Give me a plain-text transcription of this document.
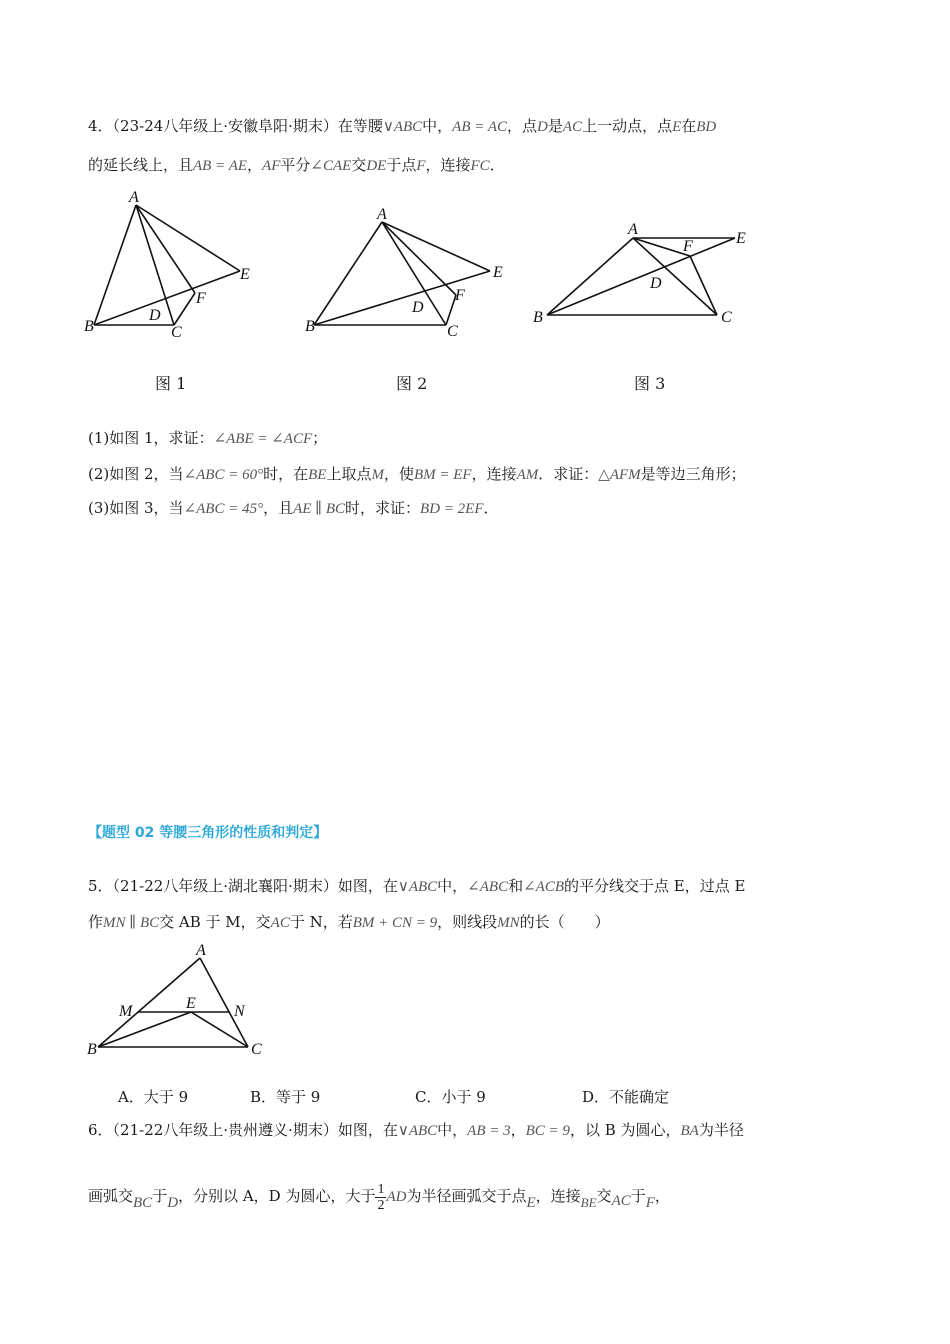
4．（23-24八年级上·安徽阜阳·期末）在等腰∨ABC中，AB = AC，点D是AC上一动点，点E在BD
的延长线上，且AB = AE，AF平分∠CAE交DE于点F，连接FC．
A
B	C
D
E
F
A
B	C
D
E
F
A
B	C
D
E
F
图 1	图 2	图 3
(1)如图 1，求证：∠ABE = ∠ACF；
(2)如图 2，当∠ABC = 60°时，在BE上取点M，使BM = EF，连接AM．求证：△AFM是等边三角形；
(3)如图 3，当∠ABC = 45°，且AE ∥ BC时，求证：BD = 2EF．
【题型 02 等腰三角形的性质和判定】
5．（21-22八年级上·湖北襄阳·期末）如图，在∨ABC中，∠ABC和∠ACB的平分线交于点 E，过点 E
作MN ∥ BC交 AB 于 M，交AC于 N，若BM + CN = 9，则线段MN的长（　　）
A
B	C
E
M	N
A．大于 9	B．等于 9	C．小于 9	D．不能确定
6．（21-22八年级上·贵州遵义·期末）如图，在∨ABC中，AB = 3，BC = 9，以 B 为圆心，BA为半径
画弧交BC于D，分别以 A，D 为圆心，大于 $\frac{1}{2}$ AD为半径画弧交于点E，连接BE交AC于F，
